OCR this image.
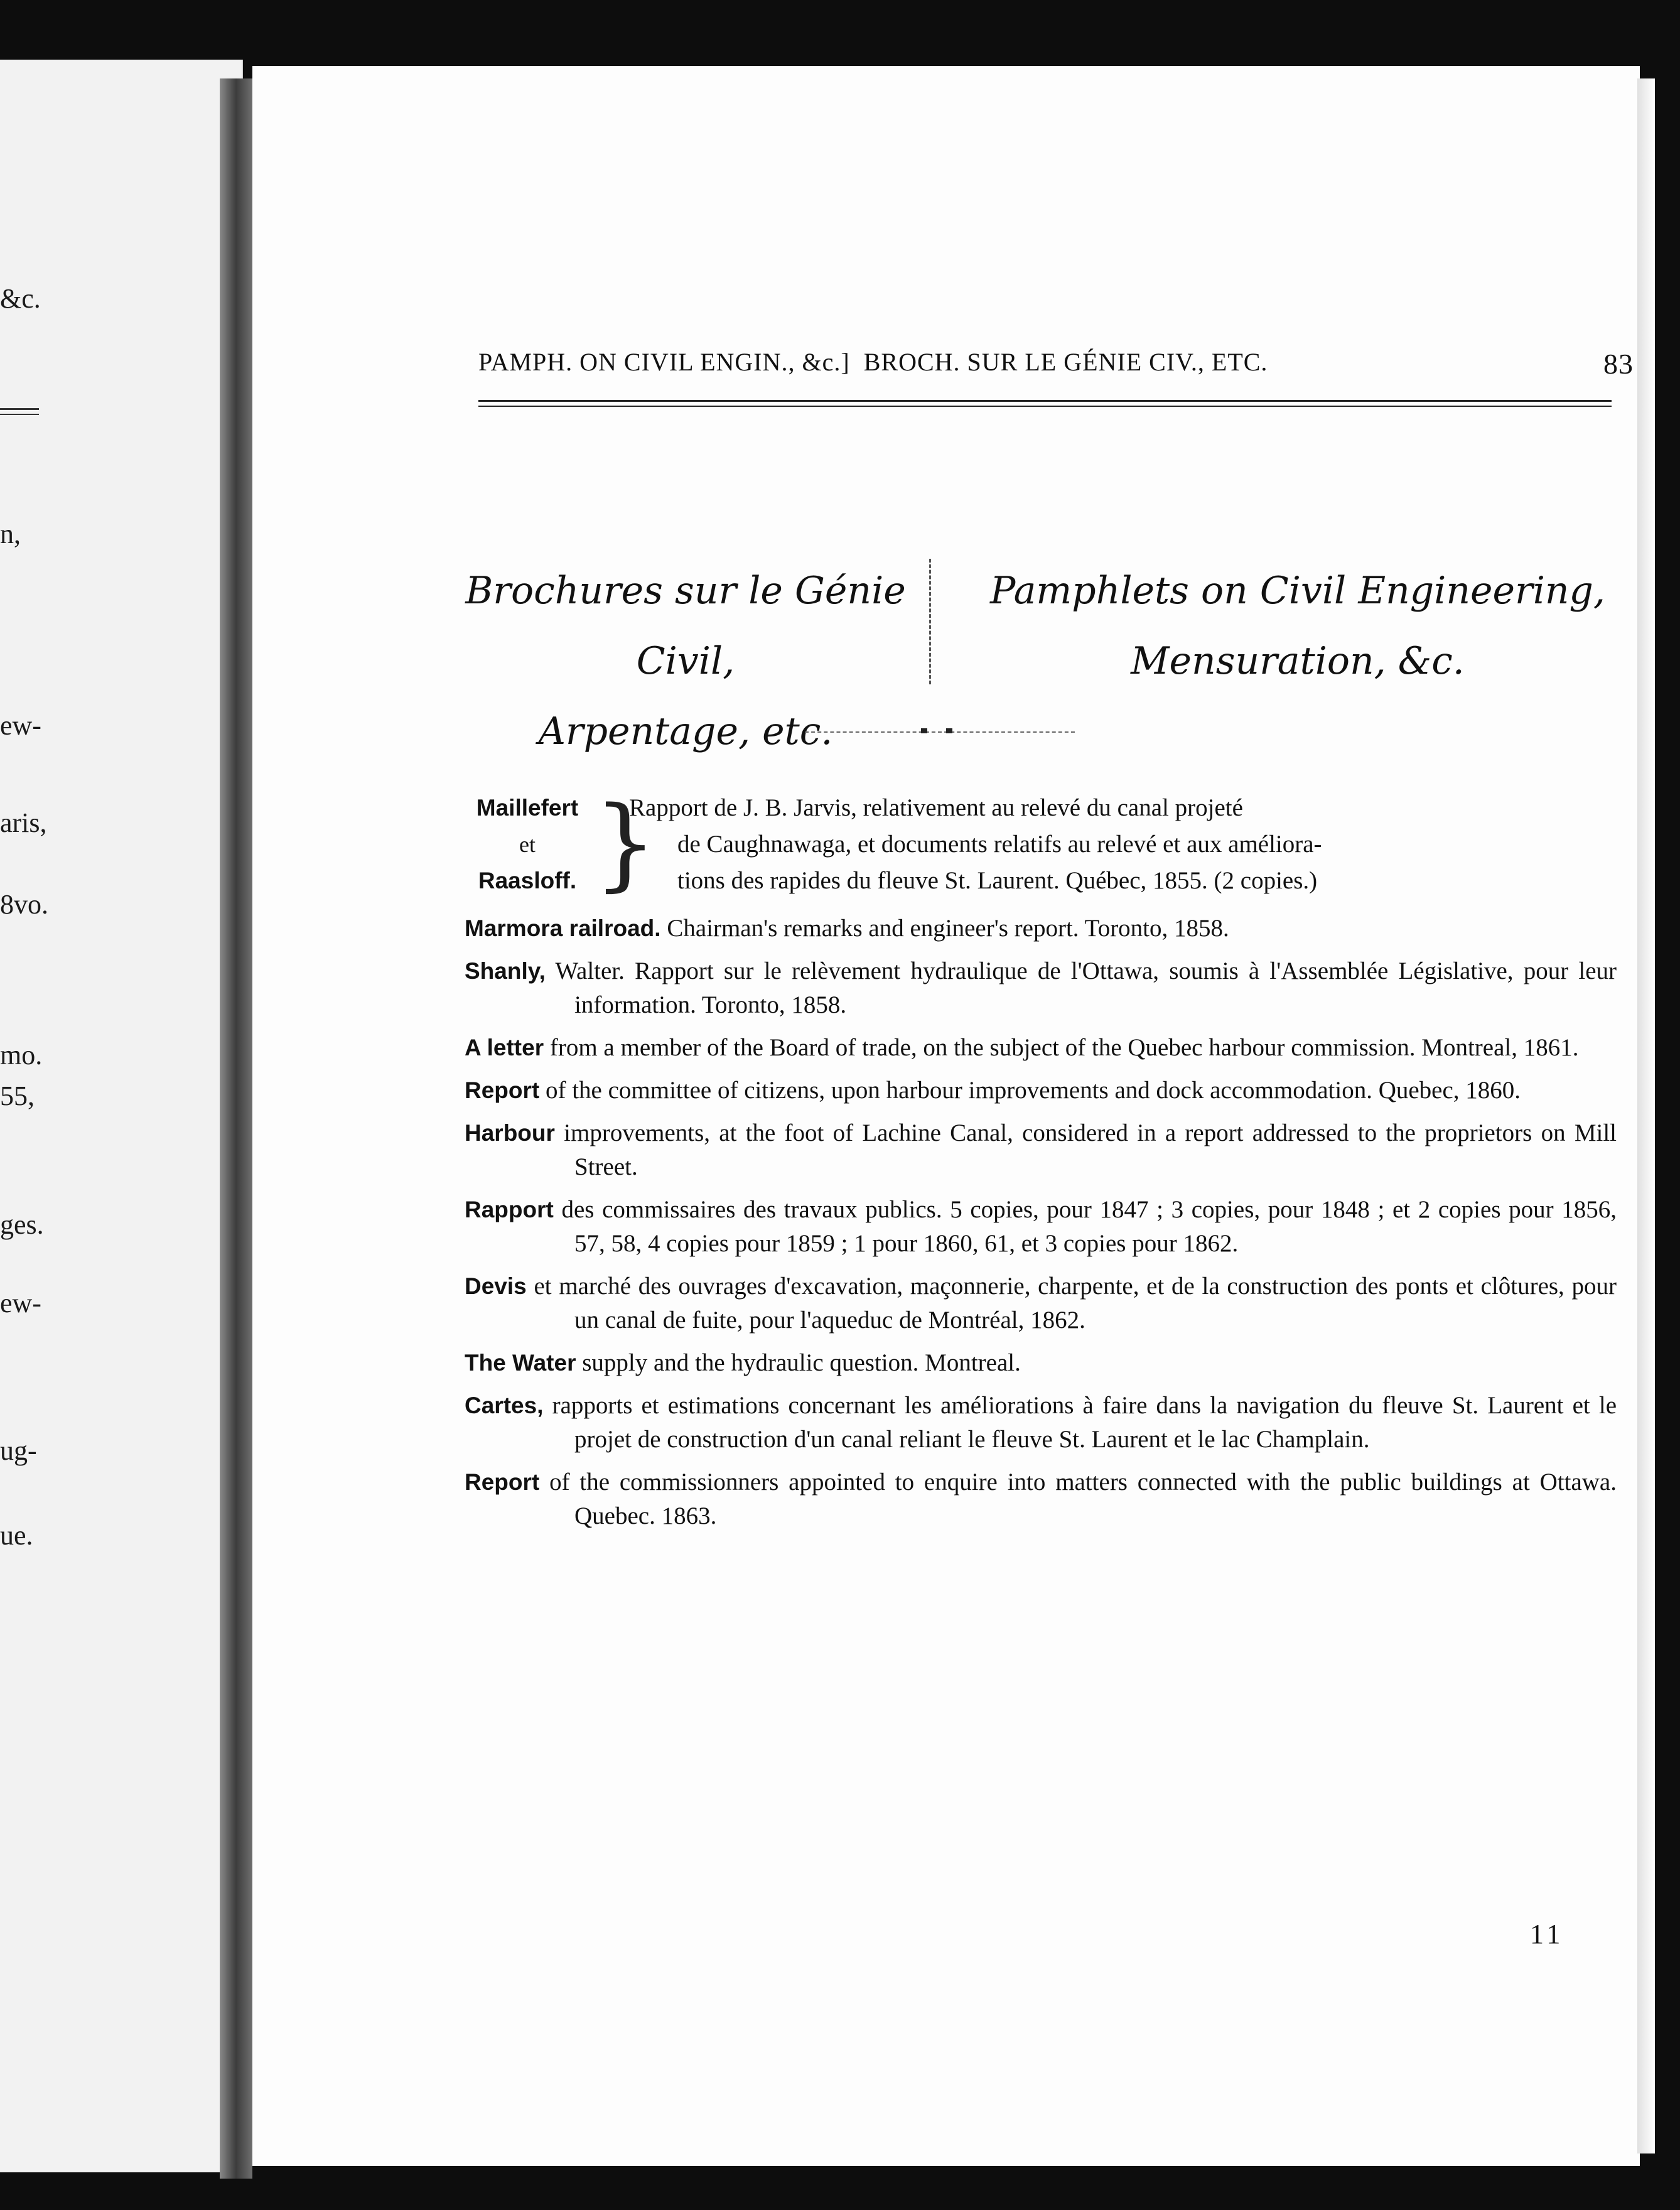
&c.
n,
ew-
aris,
8vo.
mo.
55,
ges.
ew-
ug-
ue.
PAMPH. ON CIVIL ENGIN., &c.] BROCH. SUR LE GÉNIE CIV., ETC.	83
Brochures sur le Génie Civil,
Arpentage, etc.
Pamphlets on Civil Engineering,
Mensuration, &c.
Maillefert
et
Raasloff. }
Rapport de J. B. Jarvis, relativement au relevé du canal projeté
de Caughnawaga, et documents relatifs au relevé et aux améliora-
tions des rapides du fleuve St. Laurent. Québec, 1855. (2 copies.)
Marmora railroad. Chairman's remarks and engineer's report. Toronto, 1858.
Shanly, Walter. Rapport sur le relèvement hydraulique de l'Ottawa, soumis à l'Assemblée Législative, pour leur information. Toronto, 1858.
A letter from a member of the Board of trade, on the subject of the Quebec harbour commission. Montreal, 1861.
Report of the committee of citizens, upon harbour improvements and dock accommodation. Quebec, 1860.
Harbour improvements, at the foot of Lachine Canal, considered in a report addressed to the proprietors on Mill Street.
Rapport des commissaires des travaux publics. 5 copies, pour 1847 ; 3 copies, pour 1848 ; et 2 copies pour 1856, 57, 58, 4 copies pour 1859 ; 1 pour 1860, 61, et 3 copies pour 1862.
Devis et marché des ouvrages d'excavation, maçonnerie, charpente, et de la construction des ponts et clôtures, pour un canal de fuite, pour l'aqueduc de Montréal, 1862.
The Water supply and the hydraulic question. Montreal.
Cartes, rapports et estimations concernant les améliorations à faire dans la navigation du fleuve St. Laurent et le projet de construction d'un canal reliant le fleuve St. Laurent et le lac Champlain.
Report of the commissionners appointed to enquire into matters connected with the public buildings at Ottawa. Quebec. 1863.
11
